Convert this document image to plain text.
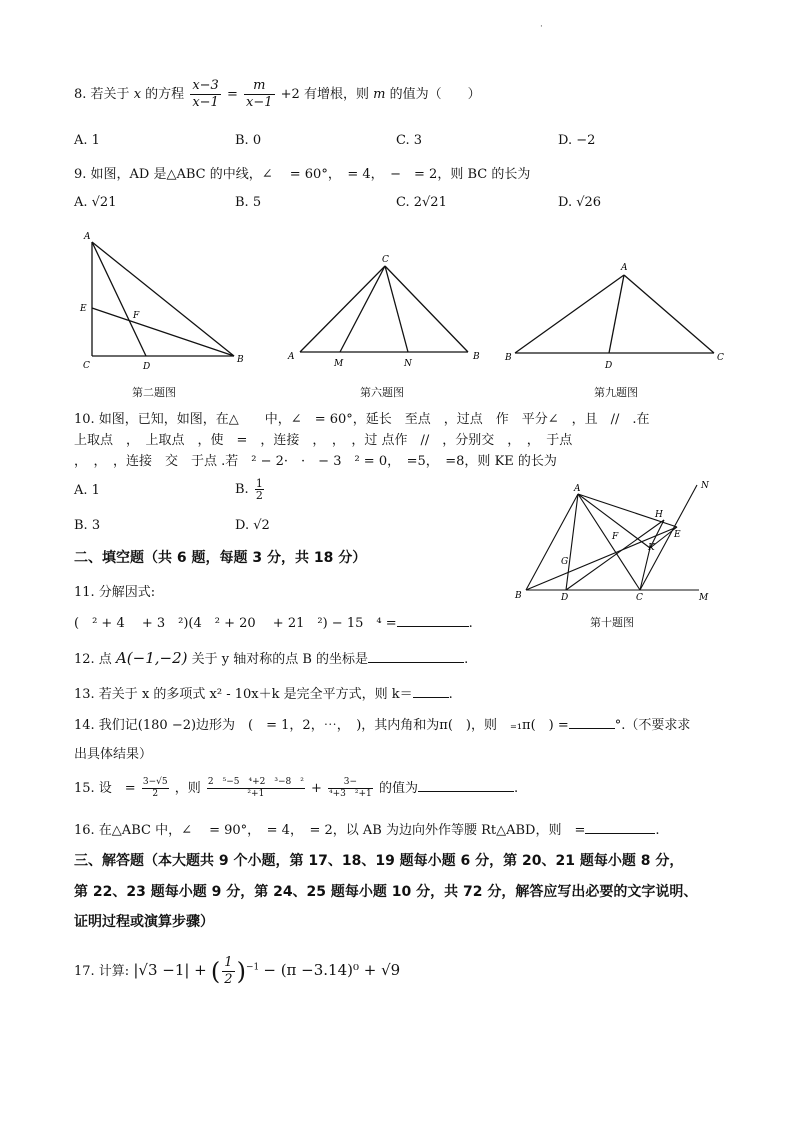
·
8. 若关于 x 的方程 $\frac{x-3}{x-1} = \frac{m}{x-1} +2$ 有增根，则 m 的值为（　　）
A. 1	B. 0	C. 3	D. −2
9. 如图，AD 是△ABC 的中线，∠　 = 60°，　= 4，　−　= 2，则 BC 的长为
A. √21	B. 5	C. 2√21	D. √26
A
E
F
C	D
B
C
A
M	N
B
A
B
D
C
A	N
H
F	E
K
G
B	D	C	M
第二题图	第六题图	第九题图
第十题图
10. 如图，已知，如图，在△　　中，∠　= 60°，延长　至点　，过点　作　平分∠　，且　//　.在
上取点　，　上取点　，使　=　，连接　，　，　，过 点作　//　，分别交　，　，　于点
，　，　，连接　交　于点 .若　² − 2·　·　− 3　² = 0，　=5，　=8，则 KE 的长为
A. 1	B. $\frac{1}{2}$
B. 3	D. √2
二、填空题（共 6 题，每题 3 分，共 18 分）
11. 分解因式:
(　² + 4　 + 3　²)(4　² + 20　 + 21　²) − 15　⁴ =	.
12. 点 A(−1,−2) 关于 y 轴对称的点 B 的坐标是	.
13. 若关于 x 的多项式 x² - 10x＋k 是完全平方式，则 k＝	.
14. 我们记(180 −2)边形为　(　= 1，2，⋯，　)，其内角和为π(　)，则　₌₁π(　) =	°.（不要求求
出具体结果）
15. 设　= $\frac{3-√5}{2}$ ，则 $\frac{\text{2　⁵−5　⁴+2　³−8　²}}{\text{²+1}} + \frac{3-}{\text{⁴+3　²+1}}$ 的值为	.
16. 在△ABC 中，∠　 = 90°，　= 4，　= 2，以 AB 为边向外作等腰 Rt△ABD，则　=	.
三、解答题（本大题共 9 个小题，第 17、18、19 题每小题 6 分，第 20、21 题每小题 8 分，
第 22、23 题每小题 9 分，第 24、25 题每小题 10 分，共 72 分，解答应写出必要的文字说明、
证明过程或演算步骤）
17. 计算: |√3 −1| + ( $\frac{1}{2} )^{-1} - (\pi -3.14)^0 + √9$
